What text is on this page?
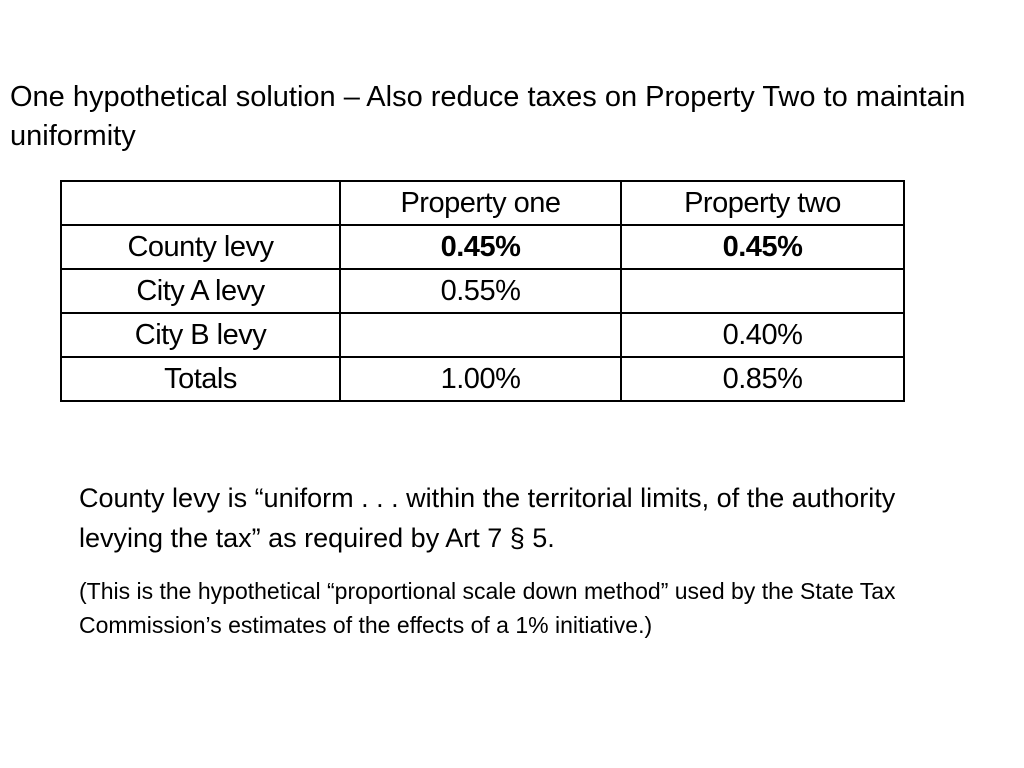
One hypothetical solution – Also reduce taxes on Property Two to maintain uniformity
	Property one	Property two
County levy	0.45%	0.45%
City A levy	0.55%	
City B levy		0.40%
Totals	1.00%	0.85%

County levy is “uniform . . . within the territorial limits, of the authority levying the tax” as required by Art 7 § 5.

(This is the hypothetical “proportional scale down method” used by the State Tax Commission’s estimates of the effects of a 1% initiative.)
